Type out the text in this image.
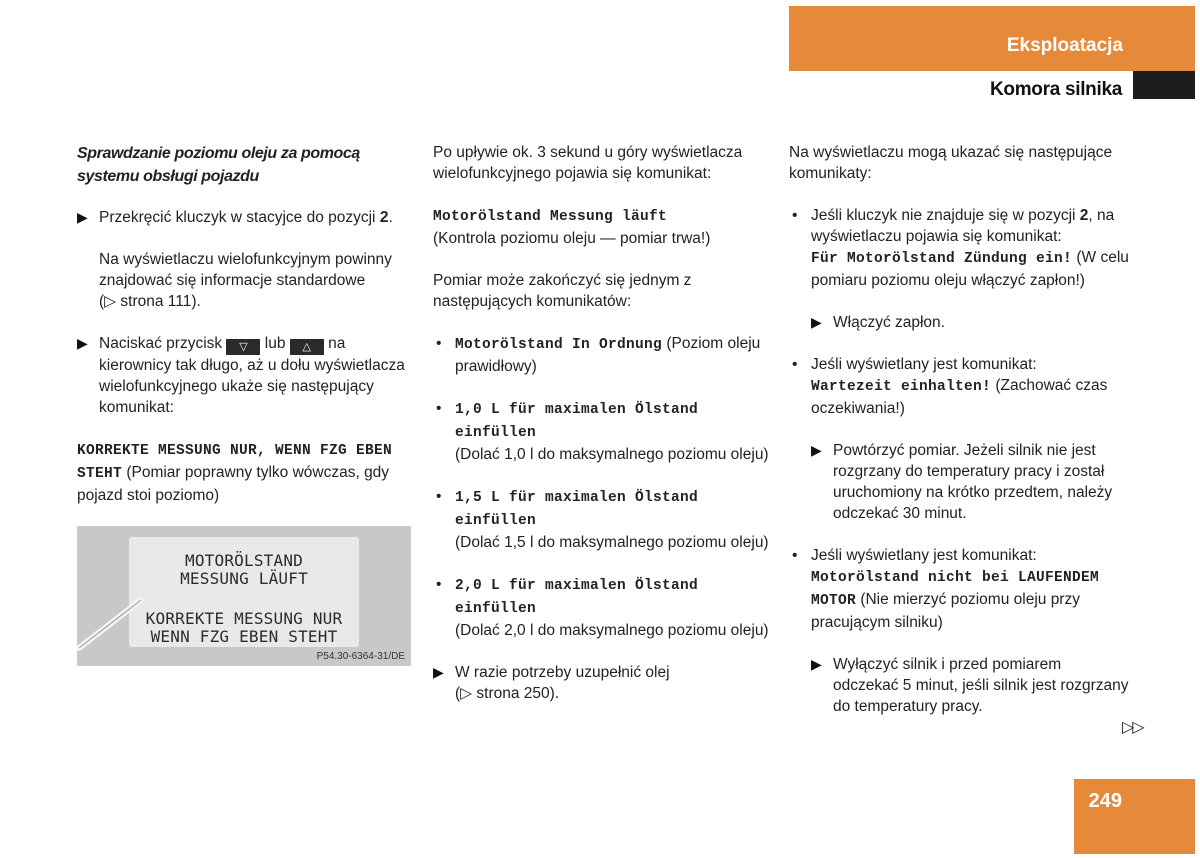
Eksploatacja
Komora silnika

Sprawdzanie poziomu oleju za pomocą systemu obsługi pojazdu

▶ Przekręcić kluczyk w stacyjce do pozycji 2.

Na wyświetlaczu wielofunkcyjnym powinny znajdować się informacje standardowe
(▷ strona 111).

▶ Naciskać przycisk ▽ lub △ na kierownicy tak długo, aż u dołu wyświetlacza wielofunkcyjnego ukaże się następujący komunikat:

KORREKTE MESSUNG NUR, WENN FZG EBEN STEHT (Pomiar poprawny tylko wówczas, gdy pojazd stoi poziomo)

MOTORÖLSTAND
MESSUNG LÄUFT
KORREKTE MESSUNG NUR
WENN FZG EBEN STEHT
P54.30-6364-31/DE

Po upływie ok. 3 sekund u góry wyświetlacza wielofunkcyjnego pojawia się komunikat:

Motorölstand Messung läuft
(Kontrola poziomu oleju — pomiar trwa!)

Pomiar może zakończyć się jednym z następujących komunikatów:

• Motorölstand In Ordnung (Poziom oleju prawidłowy)

• 1,0 L für maximalen Ölstand einfüllen
(Dolać 1,0 l do maksymalnego poziomu oleju)

• 1,5 L für maximalen Ölstand einfüllen
(Dolać 1,5 l do maksymalnego poziomu oleju)

• 2,0 L für maximalen Ölstand einfüllen
(Dolać 2,0 l do maksymalnego poziomu oleju)

▶ W razie potrzeby uzupełnić olej
(▷ strona 250).

Na wyświetlaczu mogą ukazać się następujące komunikaty:

• Jeśli kluczyk nie znajduje się w pozycji 2, na wyświetlaczu pojawia się komunikat:
Für Motorölstand Zündung ein! (W celu pomiaru poziomu oleju włączyć zapłon!)

▶ Włączyć zapłon.

• Jeśli wyświetlany jest komunikat:
Wartezeit einhalten! (Zachować czas oczekiwania!)

▶ Powtórzyć pomiar. Jeżeli silnik nie jest rozgrzany do temperatury pracy i został uruchomiony na krótko przedtem, należy odczekać 30 minut.

• Jeśli wyświetlany jest komunikat:
Motorölstand nicht bei LAUFENDEM MOTOR (Nie mierzyć poziomu oleju przy pracującym silniku)

▶ Wyłączyć silnik i przed pomiarem odczekać 5 minut, jeśli silnik jest rozgrzany do temperatury pracy.

▷▷
249
